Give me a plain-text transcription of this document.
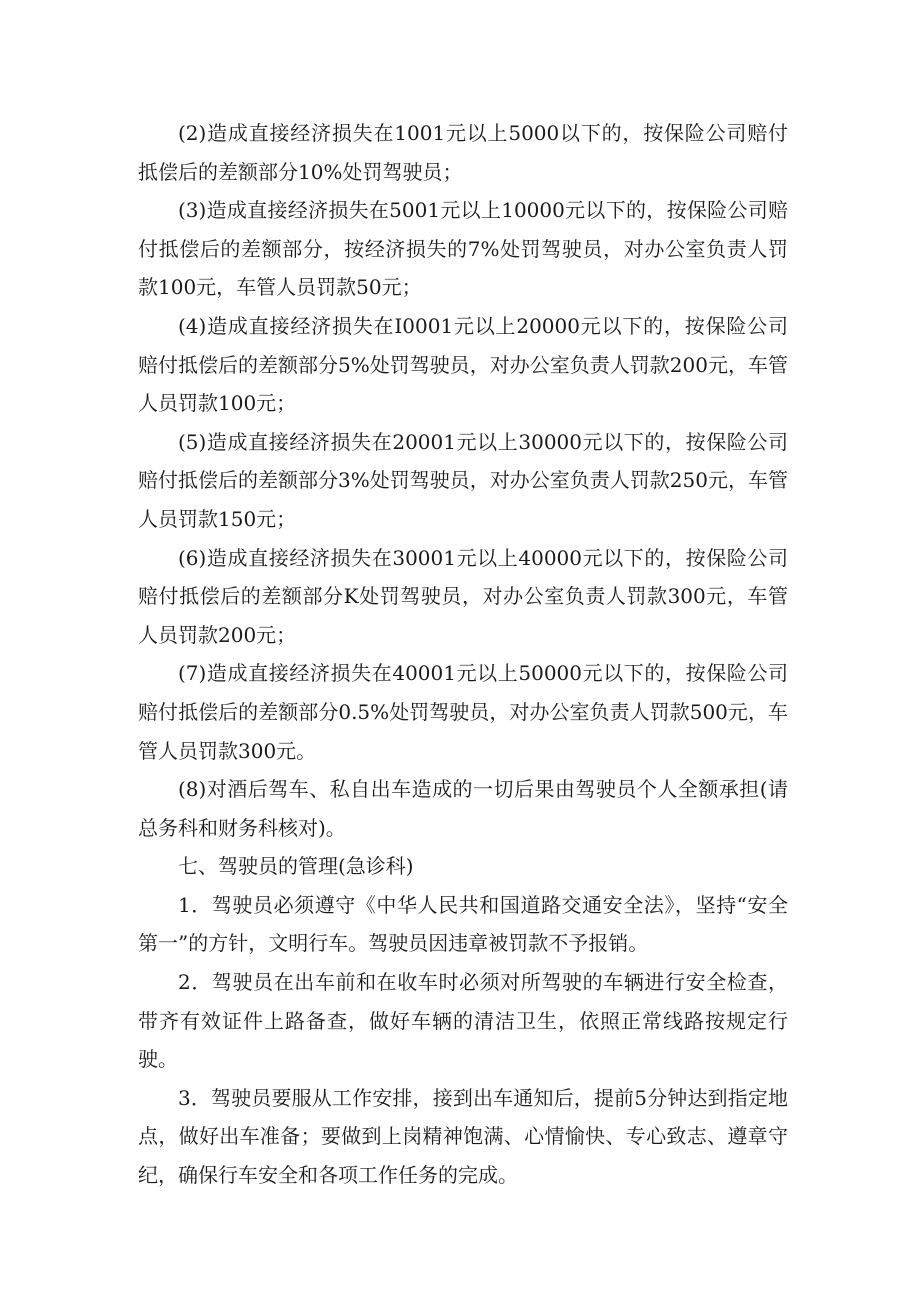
(2)造成直接经济损失在1001元以上5000以下的，按保险公司赔付抵偿后的差额部分10%处罚驾驶员；

(3)造成直接经济损失在5001元以上10000元以下的，按保险公司赔付抵偿后的差额部分，按经济损失的7%处罚驾驶员，对办公室负责人罚款100元，车管人员罚款50元；

(4)造成直接经济损失在I0001元以上20000元以下的，按保险公司赔付抵偿后的差额部分5%处罚驾驶员，对办公室负责人罚款200元，车管人员罚款100元；

(5)造成直接经济损失在20001元以上30000元以下的，按保险公司赔付抵偿后的差额部分3%处罚驾驶员，对办公室负责人罚款250元，车管人员罚款150元；

(6)造成直接经济损失在30001元以上40000元以下的，按保险公司赔付抵偿后的差额部分K处罚驾驶员，对办公室负责人罚款300元，车管人员罚款200元；

(7)造成直接经济损失在40001元以上50000元以下的，按保险公司赔付抵偿后的差额部分0.5%处罚驾驶员，对办公室负责人罚款500元，车管人员罚款300元。

(8)对酒后驾车、私自出车造成的一切后果由驾驶员个人全额承担(请总务科和财务科核对)。

七、驾驶员的管理(急诊科)

1．驾驶员必须遵守《中华人民共和国道路交通安全法》，坚持“安全第一”的方针，文明行车。驾驶员因违章被罚款不予报销。

2．驾驶员在出车前和在收车时必须对所驾驶的车辆进行安全检查，带齐有效证件上路备查，做好车辆的清洁卫生，依照正常线路按规定行驶。

3．驾驶员要服从工作安排，接到出车通知后，提前5分钟达到指定地点，做好出车准备；要做到上岗精神饱满、心情愉快、专心致志、遵章守纪，确保行车安全和各项工作任务的完成。
